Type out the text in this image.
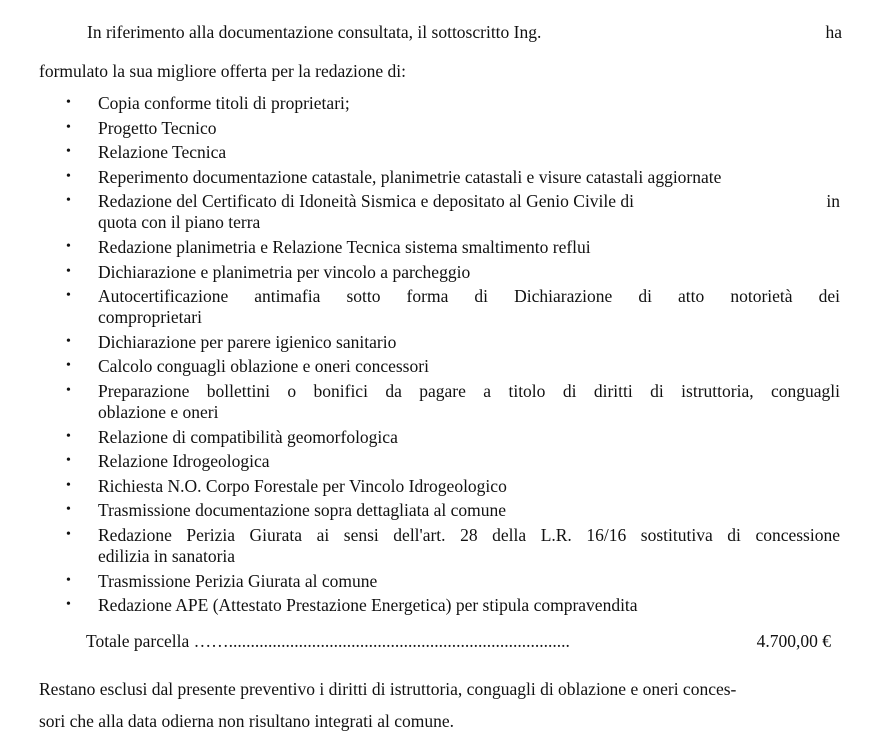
In riferimento alla documentazione consultata, il sottoscritto Ing.	ha
formulato la sua migliore offerta per la redazione di:
• Copia conforme titoli di proprietari;
• Progetto Tecnico
• Relazione Tecnica
• Reperimento documentazione catastale, planimetrie catastali e visure catastali aggiornate
• Redazione del Certificato di Idoneità Sismica e depositato al Genio Civile di
quota con il piano terra
in
• Redazione planimetria e Relazione Tecnica sistema smaltimento reflui
• Dichiarazione e planimetria per vincolo a parcheggio
• Autocertificazione antimafia sotto forma di Dichiarazione di atto notorietà dei
comproprietari
• Dichiarazione per parere igienico sanitario
• Calcolo conguagli oblazione e oneri concessori
• Preparazione bollettini o bonifici da pagare a titolo di diritti di istruttoria, conguagli
oblazione e oneri
• Relazione di compatibilità geomorfologica
• Relazione Idrogeologica
• Richiesta N.O. Corpo Forestale per Vincolo Idrogeologico
• Trasmissione documentazione sopra dettagliata al comune
• Redazione Perizia Giurata ai sensi dell'art. 28 della L.R. 16/16 sostitutiva di concessione
edilizia in sanatoria
• Trasmissione Perizia Giurata al comune
• Redazione APE (Attestato Prestazione Energetica) per stipula compravendita
Totale parcella ……..............................................................................	4.700,00 €
Restano esclusi dal presente preventivo i diritti di istruttoria, conguagli di oblazione e oneri conces-
sori che alla data odierna non risultano integrati al comune.
